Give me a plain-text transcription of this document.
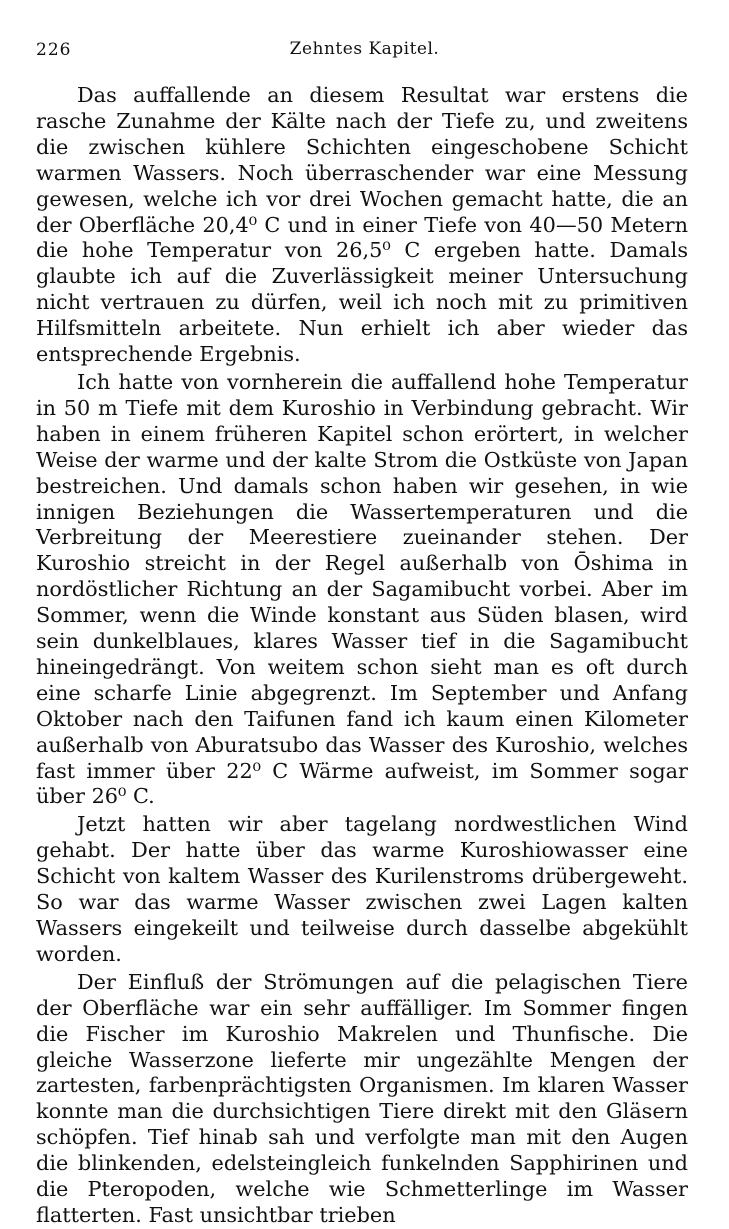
226	Zehntes Kapitel.

Das auffallende an diesem Resultat war erstens die rasche Zunahme der Kälte nach der Tiefe zu, und zweitens die zwischen kühlere Schichten eingeschobene Schicht warmen Wassers. Noch überraschender war eine Messung gewesen, welche ich vor drei Wochen gemacht hatte, die an der Oberfläche 20,4⁰ C und in einer Tiefe von 40—50 Metern die hohe Temperatur von 26,5⁰ C ergeben hatte. Damals glaubte ich auf die Zuverlässigkeit meiner Untersuchung nicht vertrauen zu dürfen, weil ich noch mit zu primitiven Hilfsmitteln arbeitete. Nun erhielt ich aber wieder das entsprechende Ergebnis.

Ich hatte von vornherein die auffallend hohe Temperatur in 50 m Tiefe mit dem Kuroshio in Verbindung gebracht. Wir haben in einem früheren Kapitel schon erörtert, in welcher Weise der warme und der kalte Strom die Ostküste von Japan bestreichen. Und damals schon haben wir gesehen, in wie innigen Beziehungen die Wassertemperaturen und die Verbreitung der Meerestiere zueinander stehen. Der Kuroshio streicht in der Regel außerhalb von Ōshima in nordöstlicher Richtung an der Sagamibucht vorbei. Aber im Sommer, wenn die Winde konstant aus Süden blasen, wird sein dunkelblaues, klares Wasser tief in die Sagamibucht hineingedrängt. Von weitem schon sieht man es oft durch eine scharfe Linie abgegrenzt. Im September und Anfang Oktober nach den Taifunen fand ich kaum einen Kilometer außerhalb von Aburatsubo das Wasser des Kuroshio, welches fast immer über 22⁰ C Wärme aufweist, im Sommer sogar über 26⁰ C.

Jetzt hatten wir aber tagelang nordwestlichen Wind gehabt. Der hatte über das warme Kuroshiowasser eine Schicht von kaltem Wasser des Kurilenstroms drübergeweht. So war das warme Wasser zwischen zwei Lagen kalten Wassers eingekeilt und teilweise durch dasselbe abgekühlt worden.

Der Einfluß der Strömungen auf die pelagischen Tiere der Oberfläche war ein sehr auffälliger. Im Sommer fingen die Fischer im Kuroshio Makrelen und Thunfische. Die gleiche Wasserzone lieferte mir ungezählte Mengen der zartesten, farbenprächtigsten Organismen. Im klaren Wasser konnte man die durchsichtigen Tiere direkt mit den Gläsern schöpfen. Tief hinab sah und verfolgte man mit den Augen die blinkenden, edelsteingleich funkelnden Sapphirinen und die Pteropoden, welche wie Schmetterlinge im Wasser flatterten. Fast unsichtbar trieben
